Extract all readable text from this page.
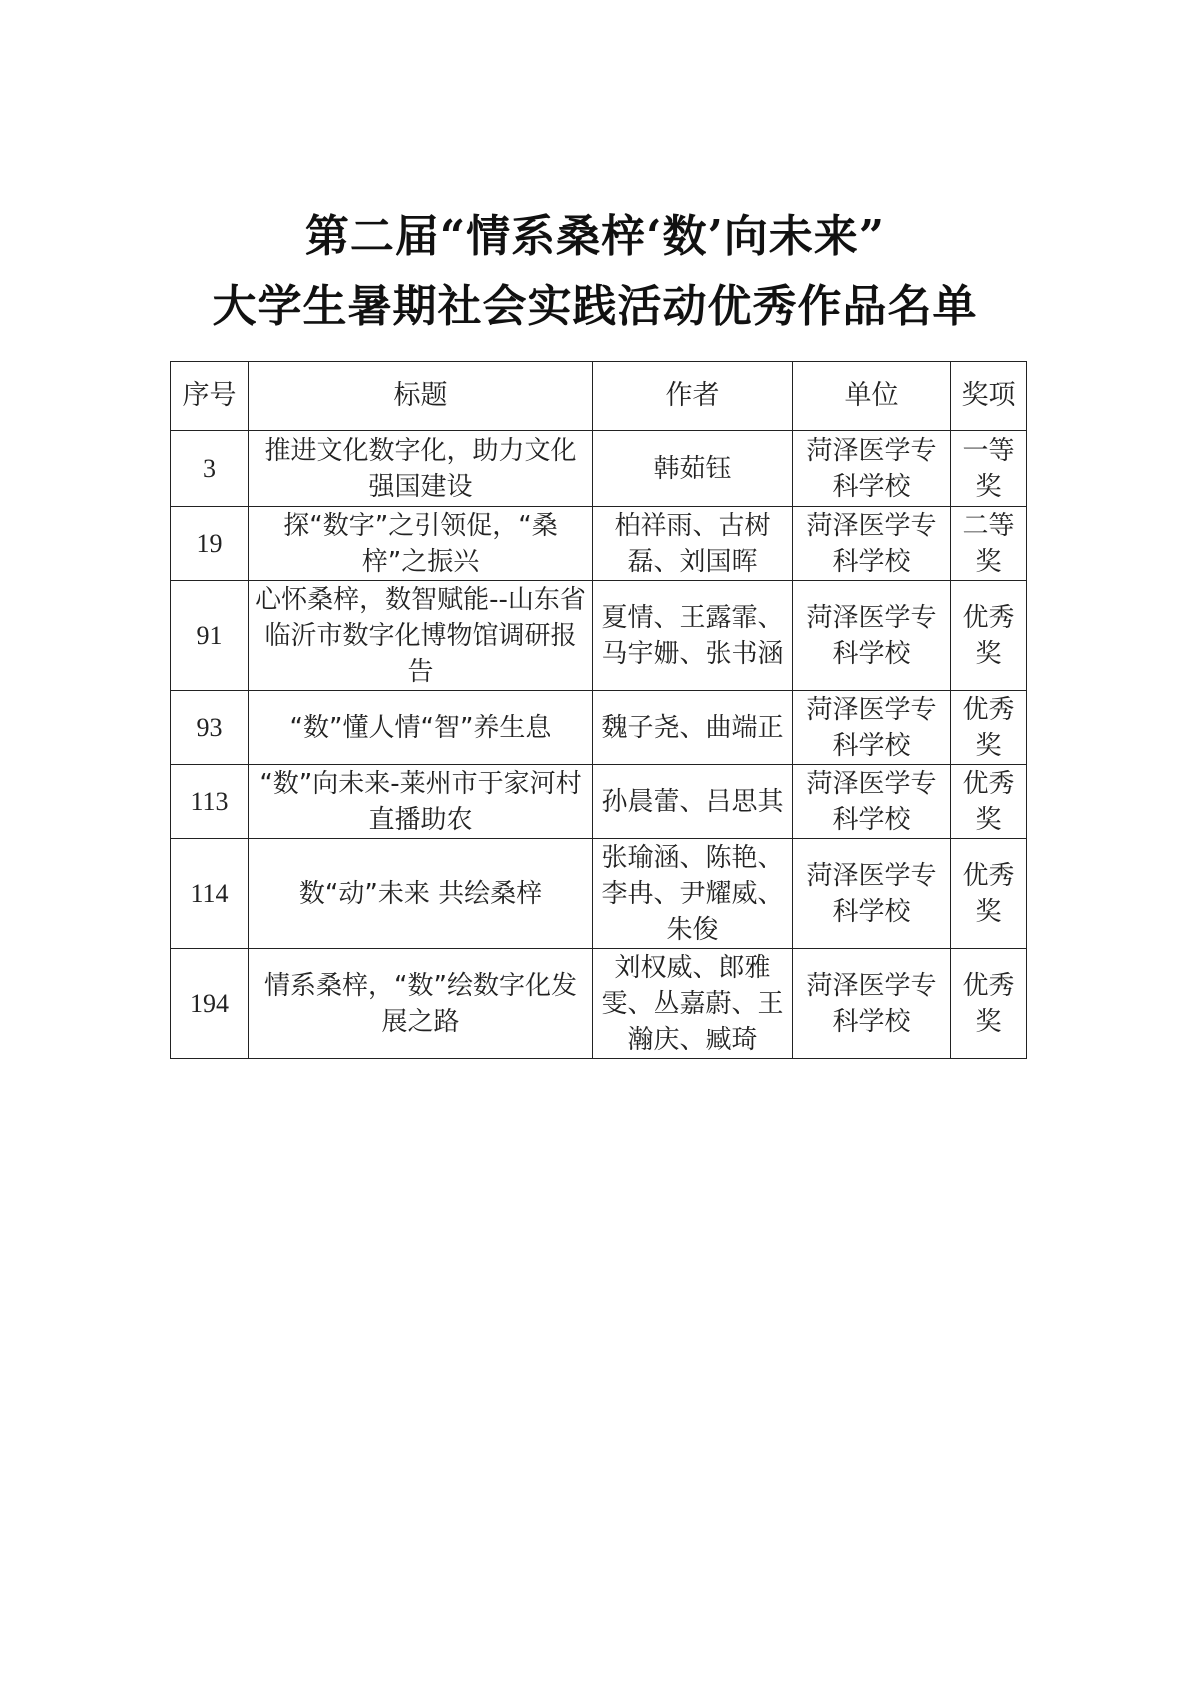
第二届“情系桑梓‘数’向未来”
大学生暑期社会实践活动优秀作品名单
序号	标题	作者	单位	奖项
3	推进文化数字化，助力文化强国建设	韩茹钰	菏泽医学专科学校	一等奖
19	探“数字”之引领促，“桑梓”之振兴	柏祥雨、古树磊、刘国晖	菏泽医学专科学校	二等奖
91	心怀桑梓，数智赋能--山东省临沂市数字化博物馆调研报告	夏情、王露霏、马宇姗、张书涵	菏泽医学专科学校	优秀奖
93	“数”懂人情“智”养生息	魏子尧、曲端正	菏泽医学专科学校	优秀奖
113	“数”向未来-莱州市于家河村直播助农	孙晨蕾、吕思其	菏泽医学专科学校	优秀奖
114	数“动”未来 共绘桑梓	张瑜涵、陈艳、李冉、尹耀威、朱俊	菏泽医学专科学校	优秀奖
194	情系桑梓，“数”绘数字化发展之路	刘权威、郎雅雯、丛嘉蔚、王瀚庆、臧琦	菏泽医学专科学校	优秀奖
